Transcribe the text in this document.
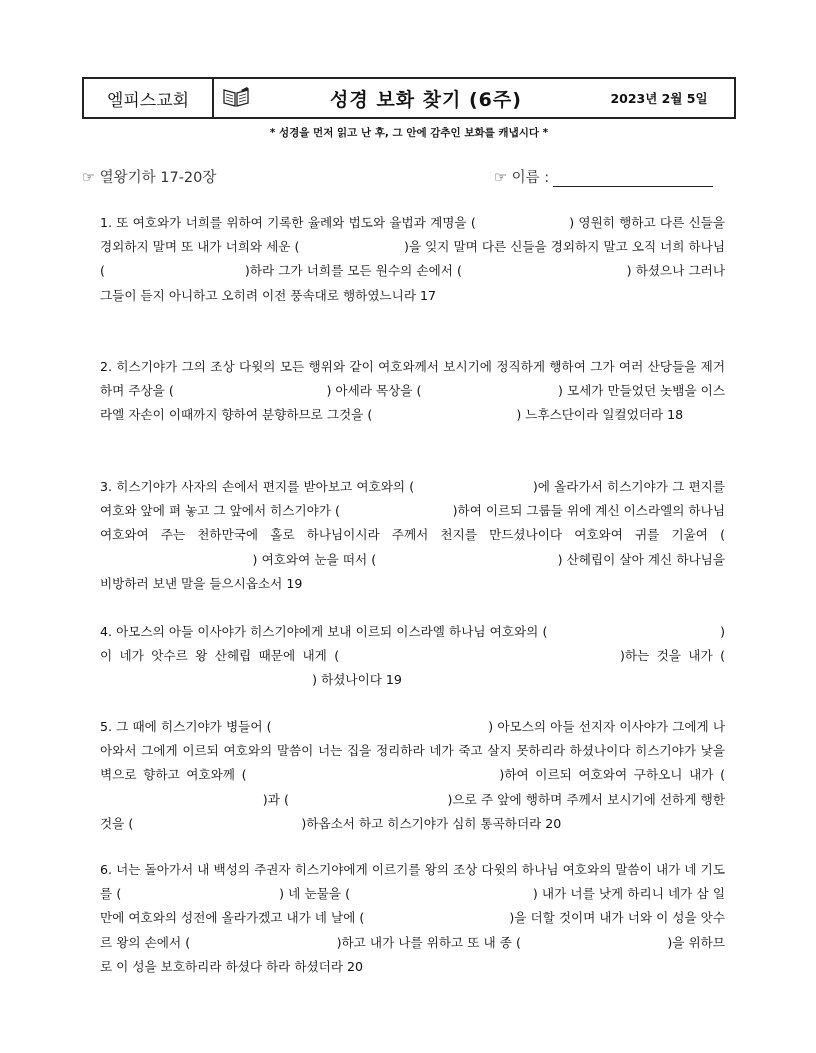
엘피스교회	성경 보화 찾기 (6주)	2023년 2월 5일
* 성경을 먼저 읽고 난 후, 그 안에 감추인 보화를 캐냅시다 *
☞ 열왕기하 17-20장	☞ 이름 :
1. 또 여호와가 너희를 위하여 기록한 율례와 법도와 율법과 계명을 (                      ) 영원히 행하고 다른 신들을 경외하지 말며 또 내가 너희와 세운 (                          )을 잊지 말며 다른 신들을 경외하지 말고 오직 너희 하나님 (                                  )하라 그가 너희를 모든 원수의 손에서 (                                        ) 하셨으나 그러나 그들이 듣지 아니하고 오히려 이전 풍속대로 행하였느니라 17
2. 히스기야가 그의 조상 다윗의 모든 행위와 같이 여호와께서 보시기에 정직하게 행하여 그가 여러 산당들을 제거하며 주상을 (                                      ) 아세라 목상을 (                                  ) 모세가 만들었던 놋뱀을 이스라엘 자손이 이때까지 향하여 분향하므로 그것을 (                                    ) 느후스단이라 일컬었더라 18
3. 히스기야가 사자의 손에서 편지를 받아보고 여호와의 (                            )에 올라가서 히스기야가 그 편지를 여호와 앞에 펴 놓고 그 앞에서 히스기야가 (                            )하여 이르되 그룹들 위에 계신 이스라엘의 하나님 여호와여 주는 천하만국에 홀로 하나님이시라 주께서 천지를 만드셨나이다 여호와여 귀를 기울여 (                                      ) 여호와여 눈을 떠서 (                                            ) 산헤립이 살아 계신 하나님을 비방하러 보낸 말을 들으시옵소서 19
4. 아모스의 아들 이사야가 히스기야에게 보내 이르되 이스라엘 하나님 여호와의 (                                          ) 이 네가 앗수르 왕 산헤립 때문에 내게 (                                      )하는 것을 내가 (                                                      ) 하셨나이다 19
5. 그 때에 히스기야가 병들어 (                                                    ) 아모스의 아들 선지자 이사야가 그에게 나아와서 그에게 이르되 여호와의 말씀이 너는 집을 정리하라 네가 죽고 살지 못하리라 하셨나이다 히스기야가 낯을 벽으로 향하고 여호와께 (                                      )하여 이르되 여호와여 구하오니 내가 (                                        )과 (                                      )으로 주 앞에 행하며 주께서 보시기에 선하게 행한 것을 (                                          )하옵소서 하고 히스기야가 심히 통곡하더라 20
6. 너는 돌아가서 내 백성의 주권자 히스기야에게 이르기를 왕의 조상 다윗의 하나님 여호와의 말씀이 내가 네 기도를 (                                      ) 네 눈물을 (                                            ) 내가 너를 낫게 하리니 네가 삼 일 만에 여호와의 성전에 올라가겠고 내가 네 날에 (                                    )을 더할 것이며 내가 너와 이 성을 앗수르 왕의 손에서 (                                    )하고 내가 나를 위하고 또 내 종 (                                    )을 위하므로 이 성을 보호하리라 하셨다 하라 하셨더라 20
